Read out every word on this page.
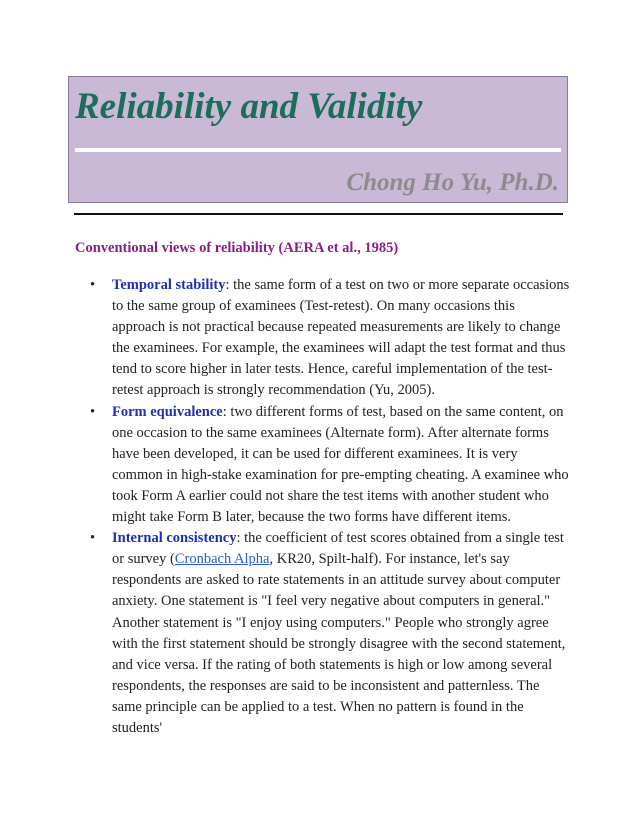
Reliability and Validity
Chong Ho Yu, Ph.D.
Conventional views of reliability (AERA et al., 1985)
•	Temporal stability: the same form of a test on two or more separate occasions to the same group of examinees (Test-retest). On many occasions this approach is not practical because repeated measurements are likely to change the examinees. For example, the examinees will adapt the test format and thus tend to score higher in later tests. Hence, careful implementation of the test-retest approach is strongly recommendation (Yu, 2005).
•	Form equivalence: two different forms of test, based on the same content, on one occasion to the same examinees (Alternate form). After alternate forms have been developed, it can be used for different examinees. It is very common in high-stake examination for pre-empting cheating. A examinee who took Form A earlier could not share the test items with another student who might take Form B later, because the two forms have different items.
•	Internal consistency: the coefficient of test scores obtained from a single test or survey (Cronbach Alpha, KR20, Spilt-half). For instance, let's say respondents are asked to rate statements in an attitude survey about computer anxiety. One statement is "I feel very negative about computers in general." Another statement is "I enjoy using computers." People who strongly agree with the first statement should be strongly disagree with the second statement, and vice versa. If the rating of both statements is high or low among several respondents, the responses are said to be inconsistent and patternless. The same principle can be applied to a test. When no pattern is found in the students'
